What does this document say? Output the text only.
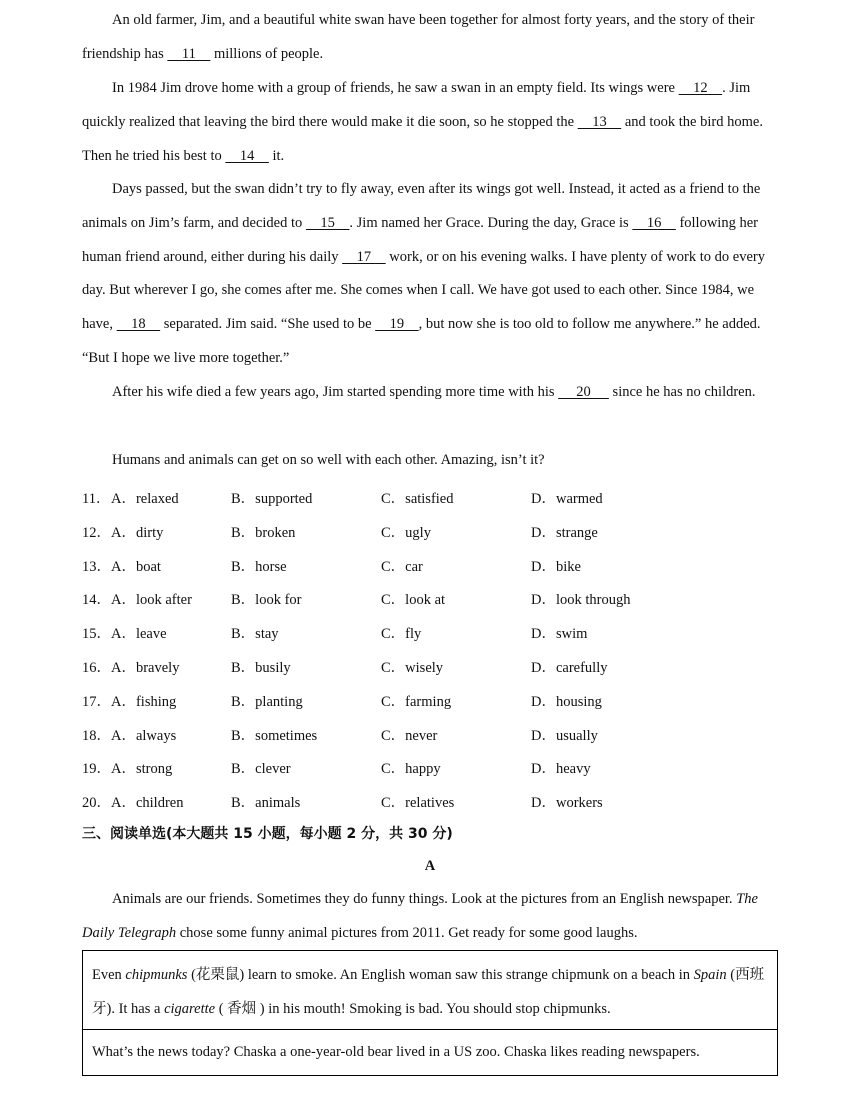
An old farmer, Jim, and a beautiful white swan have been together for almost forty years, and the story of their friendship has     11     millions of people.

In 1984 Jim drove home with a group of friends, he saw a swan in an empty field. Its wings were     12    . Jim quickly realized that leaving the bird there would make it die soon, so he stopped the     13     and took the bird home. Then he tried his best to     14     it.

Days passed, but the swan didn’t try to fly away, even after its wings got well. Instead, it acted as a friend to the animals on Jim’s farm, and decided to     15    . Jim named her Grace. During the day, Grace is     16     following her human friend around, either during his daily     17     work, or on his evening walks. I have plenty of work to do every day. But wherever I go, she comes after me. She comes when I call. We have got used to each other. Since 1984, we have,     18     separated. Jim said. “She used to be     19    , but now she is too old to follow me anywhere.” he added. “But I hope we live more together.”

After his wife died a few years ago, Jim started spending more time with his      20      since he has no children.

Humans and animals can get on so well with each other. Amazing, isn’t it?

11． A．relaxed	B．supported	C．satisfied	D．warmed
12． A．dirty	B．broken	C．ugly	D．strange
13． A．boat	B．horse	C．car	D．bike
14． A．look after	B．look for	C．look at	D．look through
15． A．leave	B．stay	C．fly	D．swim
16． A．bravely	B．busily	C．wisely	D．carefully
17． A．fishing	B．planting	C．farming	D．housing
18． A．always	B．sometimes	C．never	D．usually
19． A．strong	B．clever	C．happy	D．heavy
20． A．children	B．animals	C．relatives	D．workers
三、阅读单选(本大题共 15 小题，每小题 2 分，共 30 分)
A

Animals are our friends. Sometimes they do funny things. Look at the pictures from an English newspaper. The Daily Telegraph chose some funny animal pictures from 2011. Get ready for some good laughs.

Even chipmunks (花栗鼠) learn to smoke. An English woman saw this strange chipmunk on a beach in Spain (西班牙). It has a cigarette ( 香烟 ) in his mouth! Smoking is bad. You should stop chipmunks.
What’s the news today? Chaska a one-year-old bear lived in a US zoo. Chaska likes reading newspapers.
